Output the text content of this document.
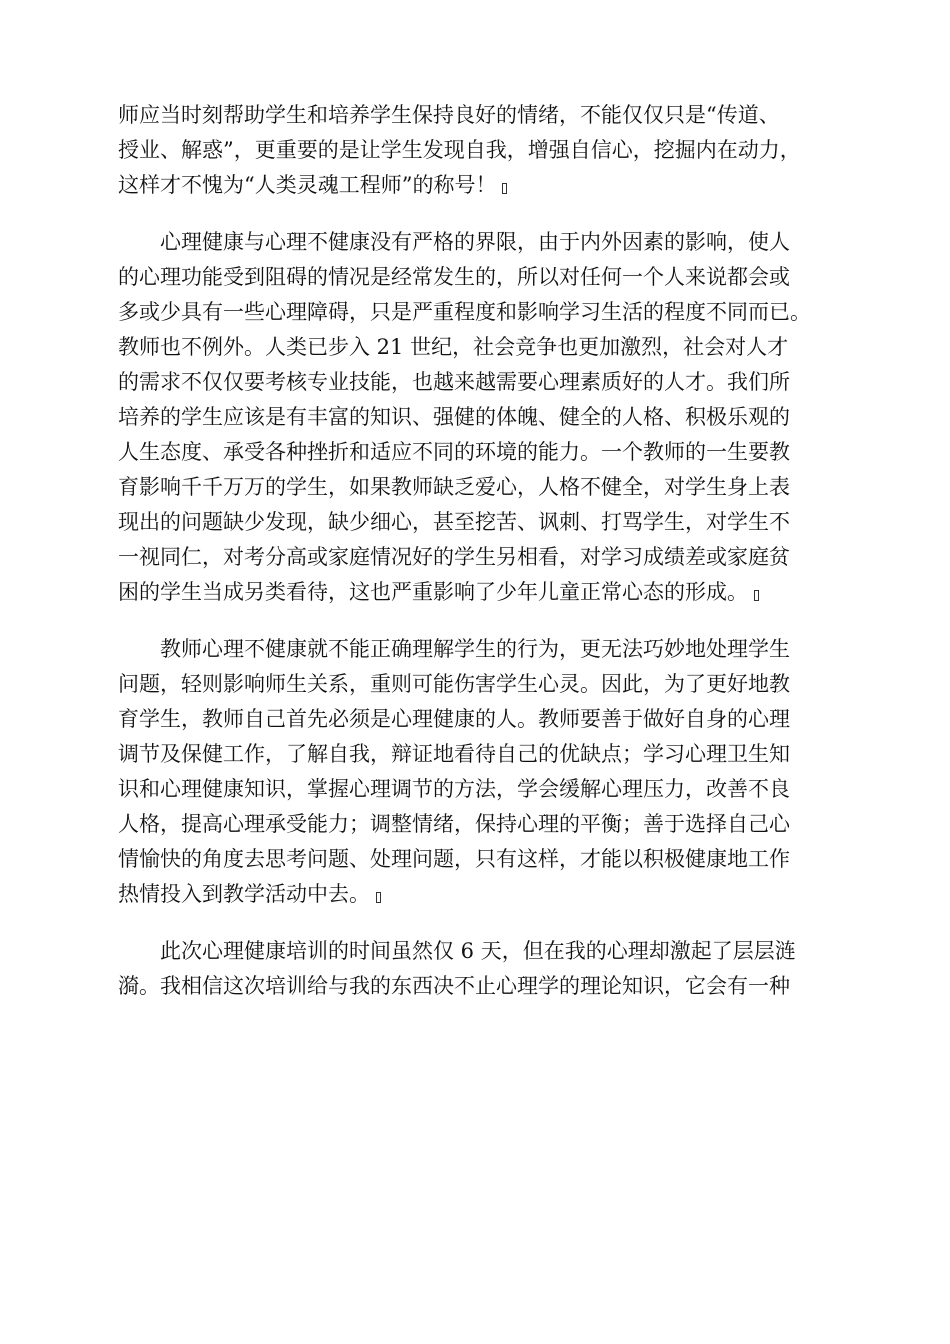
师应当时刻帮助学生和培养学生保持良好的情绪，不能仅仅只是“传道、
授业、解惑”，更重要的是让学生发现自我，增强自信心，挖掘内在动力，
这样才不愧为“人类灵魂工程师”的称号！
心理健康与心理不健康没有严格的界限，由于内外因素的影响，使人
的心理功能受到阻碍的情况是经常发生的，所以对任何一个人来说都会或
多或少具有一些心理障碍，只是严重程度和影响学习生活的程度不同而已。
教师也不例外。人类已步入 21 世纪，社会竞争也更加激烈，社会对人才
的需求不仅仅要考核专业技能，也越来越需要心理素质好的人才。我们所
培养的学生应该是有丰富的知识、强健的体魄、健全的人格、积极乐观的
人生态度、承受各种挫折和适应不同的环境的能力。一个教师的一生要教
育影响千千万万的学生，如果教师缺乏爱心，人格不健全，对学生身上表
现出的问题缺少发现，缺少细心，甚至挖苦、讽刺、打骂学生，对学生不
一视同仁，对考分高或家庭情况好的学生另相看，对学习成绩差或家庭贫
困的学生当成另类看待，这也严重影响了少年儿童正常心态的形成。
教师心理不健康就不能正确理解学生的行为，更无法巧妙地处理学生
问题，轻则影响师生关系，重则可能伤害学生心灵。因此，为了更好地教
育学生，教师自己首先必须是心理健康的人。教师要善于做好自身的心理
调节及保健工作，了解自我，辩证地看待自己的优缺点；学习心理卫生知
识和心理健康知识，掌握心理调节的方法，学会缓解心理压力，改善不良
人格，提高心理承受能力；调整情绪，保持心理的平衡；善于选择自己心
情愉快的角度去思考问题、处理问题，只有这样，才能以积极健康地工作
热情投入到教学活动中去。
此次心理健康培训的时间虽然仅 6 天，但在我的心理却激起了层层涟
漪。我相信这次培训给与我的东西决不止心理学的理论知识，它会有一种
